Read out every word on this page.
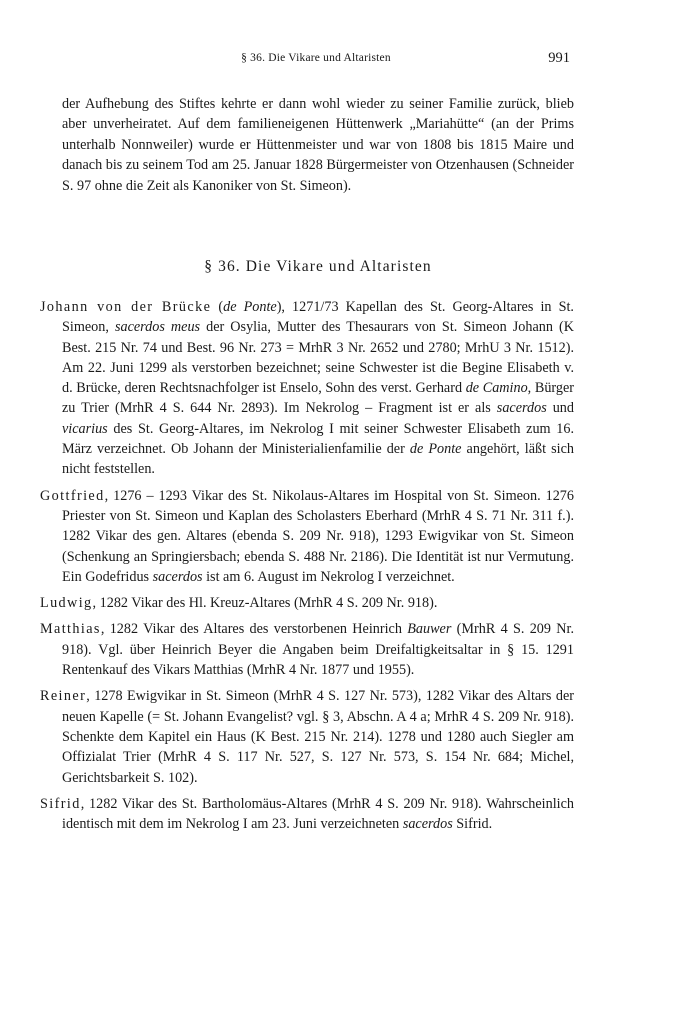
§ 36. Die Vikare und Altaristen	991

der Aufhebung des Stiftes kehrte er dann wohl wieder zu seiner Familie zurück, blieb aber unverheiratet. Auf dem familieneigenen Hüttenwerk „Mariahütte“ (an der Prims unterhalb Nonnweiler) wurde er Hüttenmeister und war von 1808 bis 1815 Maire und danach bis zu seinem Tod am 25. Januar 1828 Bürgermeister von Otzenhausen (Schneider S. 97 ohne die Zeit als Kanoniker von St. Simeon).

§ 36. Die Vikare und Altaristen

Johann von der Brücke (de Ponte), 1271/73 Kapellan des St. Georg-Altares in St. Simeon, sacerdos meus der Osylia, Mutter des Thesaurars von St. Simeon Johann (K Best. 215 Nr. 74 und Best. 96 Nr. 273 = MrhR 3 Nr. 2652 und 2780; MrhU 3 Nr. 1512). Am 22. Juni 1299 als verstorben bezeichnet; seine Schwester ist die Begine Elisabeth v. d. Brücke, deren Rechtsnachfolger ist Enselo, Sohn des verst. Gerhard de Camino, Bürger zu Trier (MrhR 4 S. 644 Nr. 2893). Im Nekrolog – Fragment ist er als sacerdos und vicarius des St. Georg-Altares, im Nekrolog I mit seiner Schwester Elisabeth zum 16. März verzeichnet. Ob Johann der Ministerialienfamilie der de Ponte angehört, läßt sich nicht feststellen.

Gottfried, 1276 – 1293 Vikar des St. Nikolaus-Altares im Hospital von St. Simeon. 1276 Priester von St. Simeon und Kaplan des Scholasters Eberhard (MrhR 4 S. 71 Nr. 311 f.). 1282 Vikar des gen. Altares (ebenda S. 209 Nr. 918), 1293 Ewigvikar von St. Simeon (Schenkung an Springiersbach; ebenda S. 488 Nr. 2186). Die Identität ist nur Vermutung. Ein Godefridus sacerdos ist am 6. August im Nekrolog I verzeichnet.

Ludwig, 1282 Vikar des Hl. Kreuz-Altares (MrhR 4 S. 209 Nr. 918).

Matthias, 1282 Vikar des Altares des verstorbenen Heinrich Bauwer (MrhR 4 S. 209 Nr. 918). Vgl. über Heinrich Beyer die Angaben beim Dreifaltigkeitsaltar in § 15. 1291 Rentenkauf des Vikars Matthias (MrhR 4 Nr. 1877 und 1955).

Reiner, 1278 Ewigvikar in St. Simeon (MrhR 4 S. 127 Nr. 573), 1282 Vikar des Altars der neuen Kapelle (= St. Johann Evangelist? vgl. § 3, Abschn. A 4 a; MrhR 4 S. 209 Nr. 918). Schenkte dem Kapitel ein Haus (K Best. 215 Nr. 214). 1278 und 1280 auch Siegler am Offizialat Trier (MrhR 4 S. 117 Nr. 527, S. 127 Nr. 573, S. 154 Nr. 684; Michel, Gerichtsbarkeit S. 102).

Sifrid, 1282 Vikar des St. Bartholomäus-Altares (MrhR 4 S. 209 Nr. 918). Wahrscheinlich identisch mit dem im Nekrolog I am 23. Juni verzeichneten sacerdos Sifrid.
